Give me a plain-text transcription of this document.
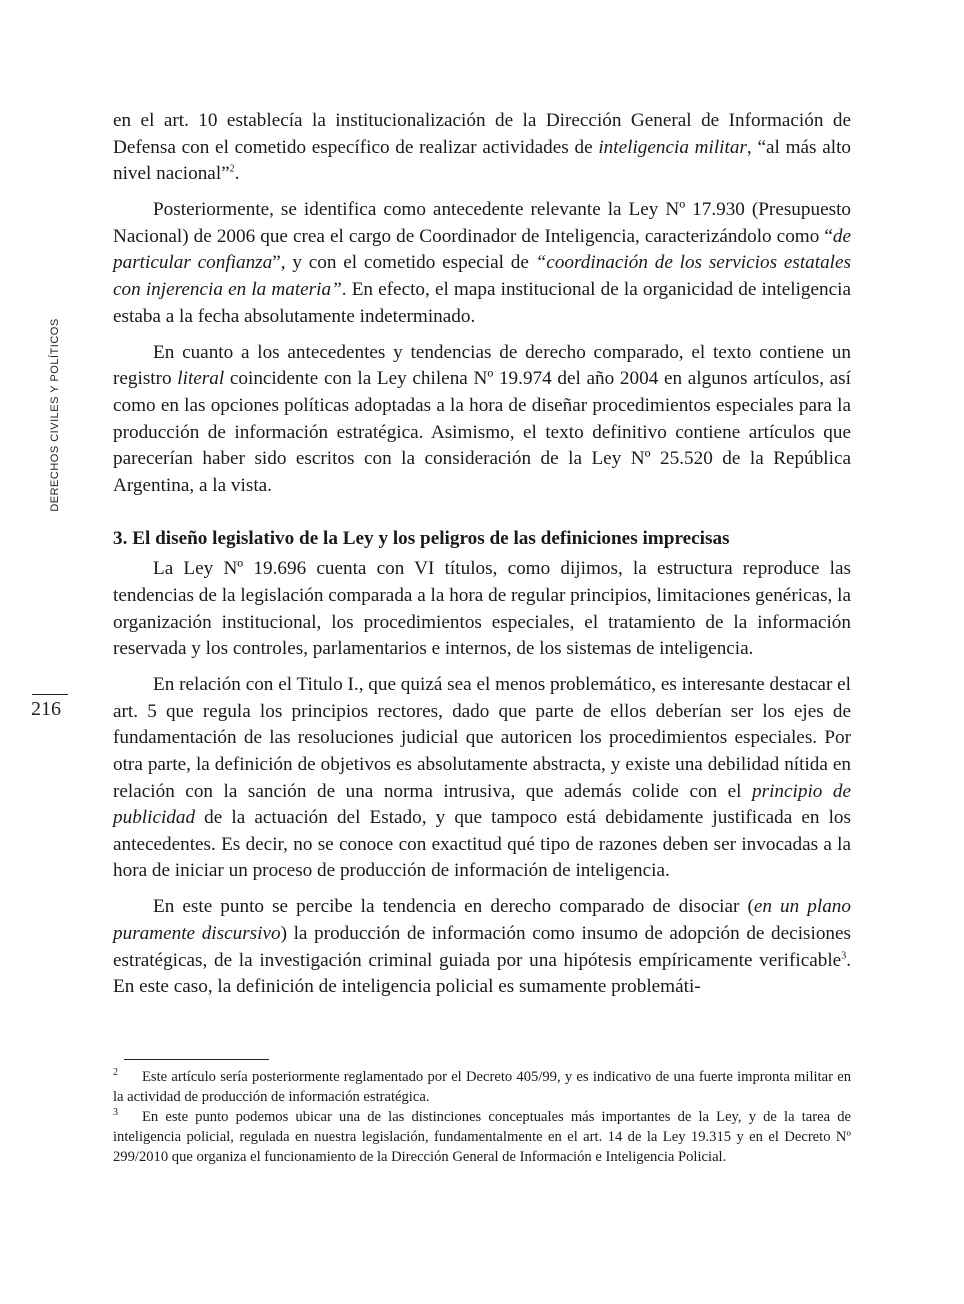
DERECHOS CIVILES Y POLÍTICOS
216

en el art. 10 establecía la institucionalización de la Dirección General de Información de Defensa con el cometido específico de realizar actividades de inteligencia militar, “al más alto nivel nacional”$^2$.

Posteriormente, se identifica como antecedente relevante la Ley Nº 17.930 (Presupuesto Nacional) de 2006 que crea el cargo de Coordinador de Inteligencia, caracterizándolo como “de particular confianza”, y con el cometido especial de “coordinación de los servicios estatales con injerencia en la materia”. En efecto, el mapa institucional de la organicidad de inteligencia estaba a la fecha absolutamente indeterminado.

En cuanto a los antecedentes y tendencias de derecho comparado, el texto contiene un registro literal coincidente con la Ley chilena Nº 19.974 del año 2004 en algunos artículos, así como en las opciones políticas adoptadas a la hora de diseñar procedimientos especiales para la producción de información estratégica. Asimismo, el texto definitivo contiene artículos que parecerían haber sido escritos con la consideración de la Ley Nº 25.520 de la República Argentina, a la vista.

3. El diseño legislativo de la Ley y los peligros de las definiciones imprecisas

La Ley Nº 19.696 cuenta con VI títulos, como dijimos, la estructura reproduce las tendencias de la legislación comparada a la hora de regular principios, limitaciones genéricas, la organización institucional, los procedimientos especiales, el tratamiento de la información reservada y los controles, parlamentarios e internos, de los sistemas de inteligencia.

En relación con el Titulo I., que quizá sea el menos problemático, es interesante destacar el art. 5 que regula los principios rectores, dado que parte de ellos deberían ser los ejes de fundamentación de las resoluciones judicial que autoricen los procedimientos especiales. Por otra parte, la definición de objetivos es absolutamente abstracta, y existe una debilidad nítida en relación con la sanción de una norma intrusiva, que además colide con el principio de publicidad de la actuación del Estado, y que tampoco está debidamente justificada en los antecedentes. Es decir, no se conoce con exactitud qué tipo de razones deben ser invocadas a la hora de iniciar un proceso de producción de información de inteligencia.

En este punto se percibe la tendencia en derecho comparado de disociar (en un plano puramente discursivo) la producción de información como insumo de adopción de decisiones estratégicas, de la investigación criminal guiada por una hipótesis empíricamente verificable$^3$. En este caso, la definición de inteligencia policial es sumamente problemáti-

2 Este artículo sería posteriormente reglamentado por el Decreto 405/99, y es indicativo de una fuerte impronta militar en la actividad de producción de información estratégica.

3 En este punto podemos ubicar una de las distinciones conceptuales más importantes de la Ley, y de la tarea de inteligencia policial, regulada en nuestra legislación, fundamentalmente en el art. 14 de la Ley 19.315 y en el Decreto Nº 299/2010 que organiza el funcionamiento de la Dirección General de Información e Inteligencia Policial.
